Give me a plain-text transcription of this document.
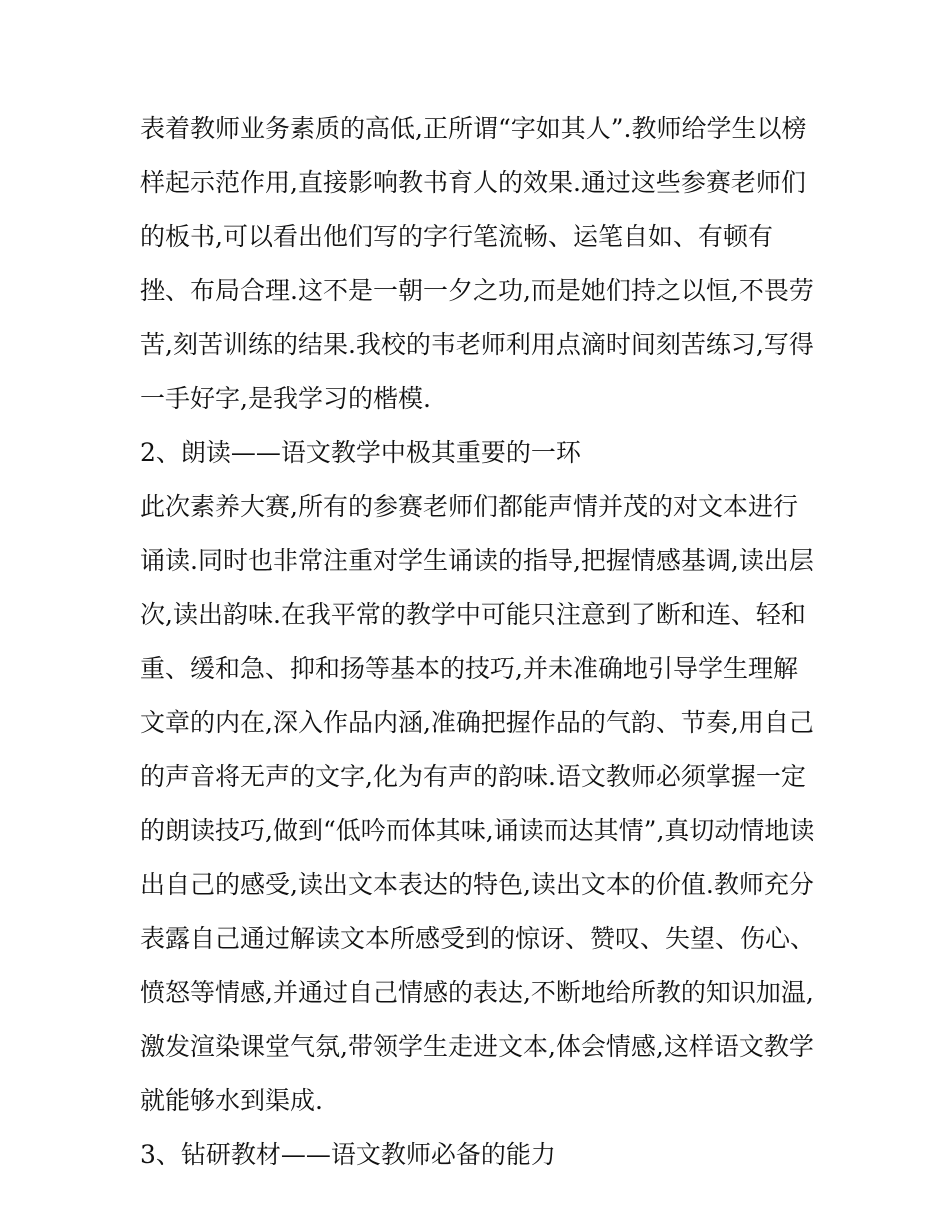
表着教师业务素质的高低,正所谓“字如其人”.教师给学生以榜
样起示范作用,直接影响教书育人的效果.通过这些参赛老师们
的板书,可以看出他们写的字行笔流畅、运笔自如、有顿有
挫、布局合理.这不是一朝一夕之功,而是她们持之以恒,不畏劳
苦,刻苦训练的结果.我校的韦老师利用点滴时间刻苦练习,写得
一手好字,是我学习的楷模.
2、朗读——语文教学中极其重要的一环
此次素养大赛,所有的参赛老师们都能声情并茂的对文本进行
诵读.同时也非常注重对学生诵读的指导,把握情感基调,读出层
次,读出韵味.在我平常的教学中可能只注意到了断和连、轻和
重、缓和急、抑和扬等基本的技巧,并未准确地引导学生理解
文章的内在,深入作品内涵,准确把握作品的气韵、节奏,用自己
的声音将无声的文字,化为有声的韵味.语文教师必须掌握一定
的朗读技巧,做到“低吟而体其味,诵读而达其情”,真切动情地读
出自己的感受,读出文本表达的特色,读出文本的价值.教师充分
表露自己通过解读文本所感受到的惊讶、赞叹、失望、伤心、
愤怒等情感,并通过自己情感的表达,不断地给所教的知识加温,
激发渲染课堂气氛,带领学生走进文本,体会情感,这样语文教学
就能够水到渠成.
3、钻研教材——语文教师必备的能力
